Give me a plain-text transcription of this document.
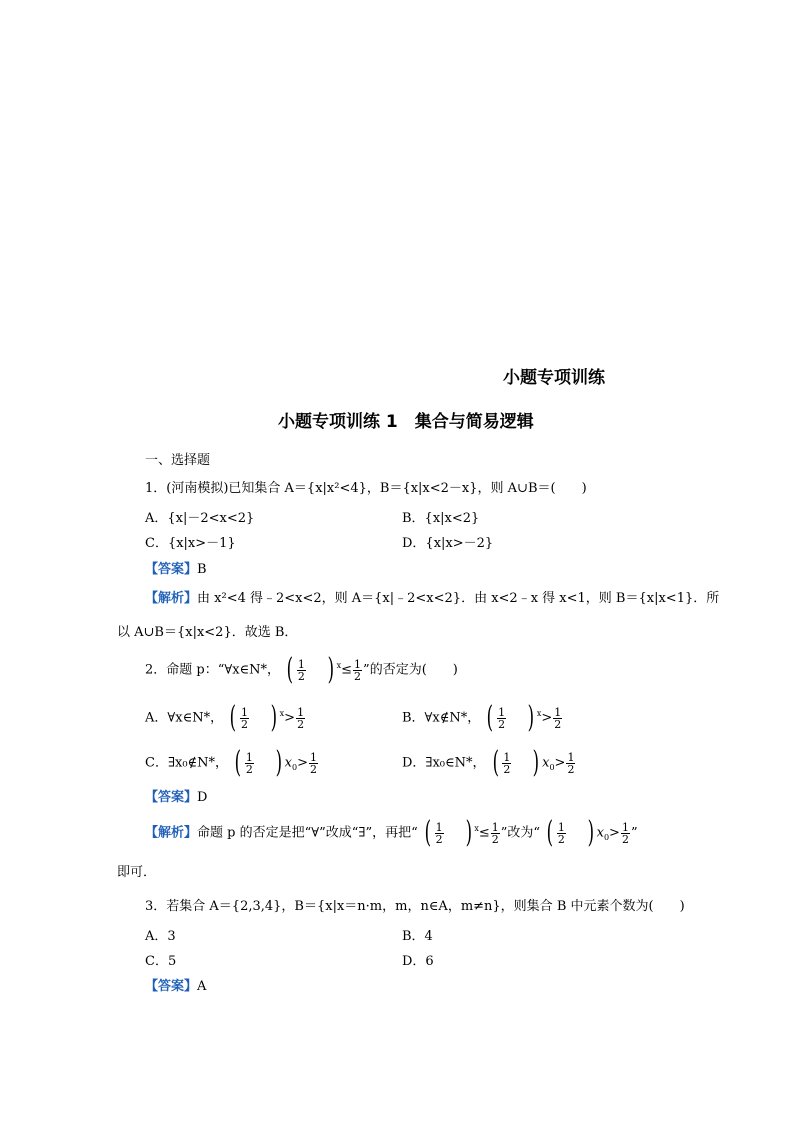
小题专项训练
小题专项训练 1　集合与简易逻辑
一、选择题
1．(河南模拟)已知集合 A＝{x|x²<4}，B＝{x|x<2－x}，则 A∪B＝(　　)
A．{x|－2<x<2}	B．{x|x<2}
C．{x|x>－1}	D．{x|x>－2}
【答案】B
【解析】由 x²<4 得﹣2<x<2，则 A＝{x|﹣2<x<2}．由 x<2﹣x 得 x<1，则 B＝{x|x<1}．所
以 A∪B＝{x|x<2}．故选 B．
2．命题 p：“∀x∈N*， ( $\frac{1}{2}$ ) $^x\le \frac{1}{2}$ ”的否定为(　　)
A．∀x∈N*， ( $\frac{1}{2}$ ) $^x> \frac{1}{2}$	B．∀x∉N*， ( $\frac{1}{2}$ ) $^x> \frac{1}{2}$
C．∃x₀∉N*， ( $\frac{1}{2}$ ) $x_0> \frac{1}{2}$	D．∃x₀∈N*， ( $\frac{1}{2}$ ) $x_0> \frac{1}{2}$
【答案】D
【解析】命题 p 的否定是把“∀”改成“∃”，再把“ ( $\frac{1}{2}$ ) $^x\le \frac{1}{2}$ ”改为“ ( $\frac{1}{2}$ ) $x_0> \frac{1}{2}$ ”
即可．
3．若集合 A＝{2,3,4}，B＝{x|x＝n·m，m，n∈A，m≠n}，则集合 B 中元素个数为(　　)
A．3	B．4
C．5	D．6
【答案】A
